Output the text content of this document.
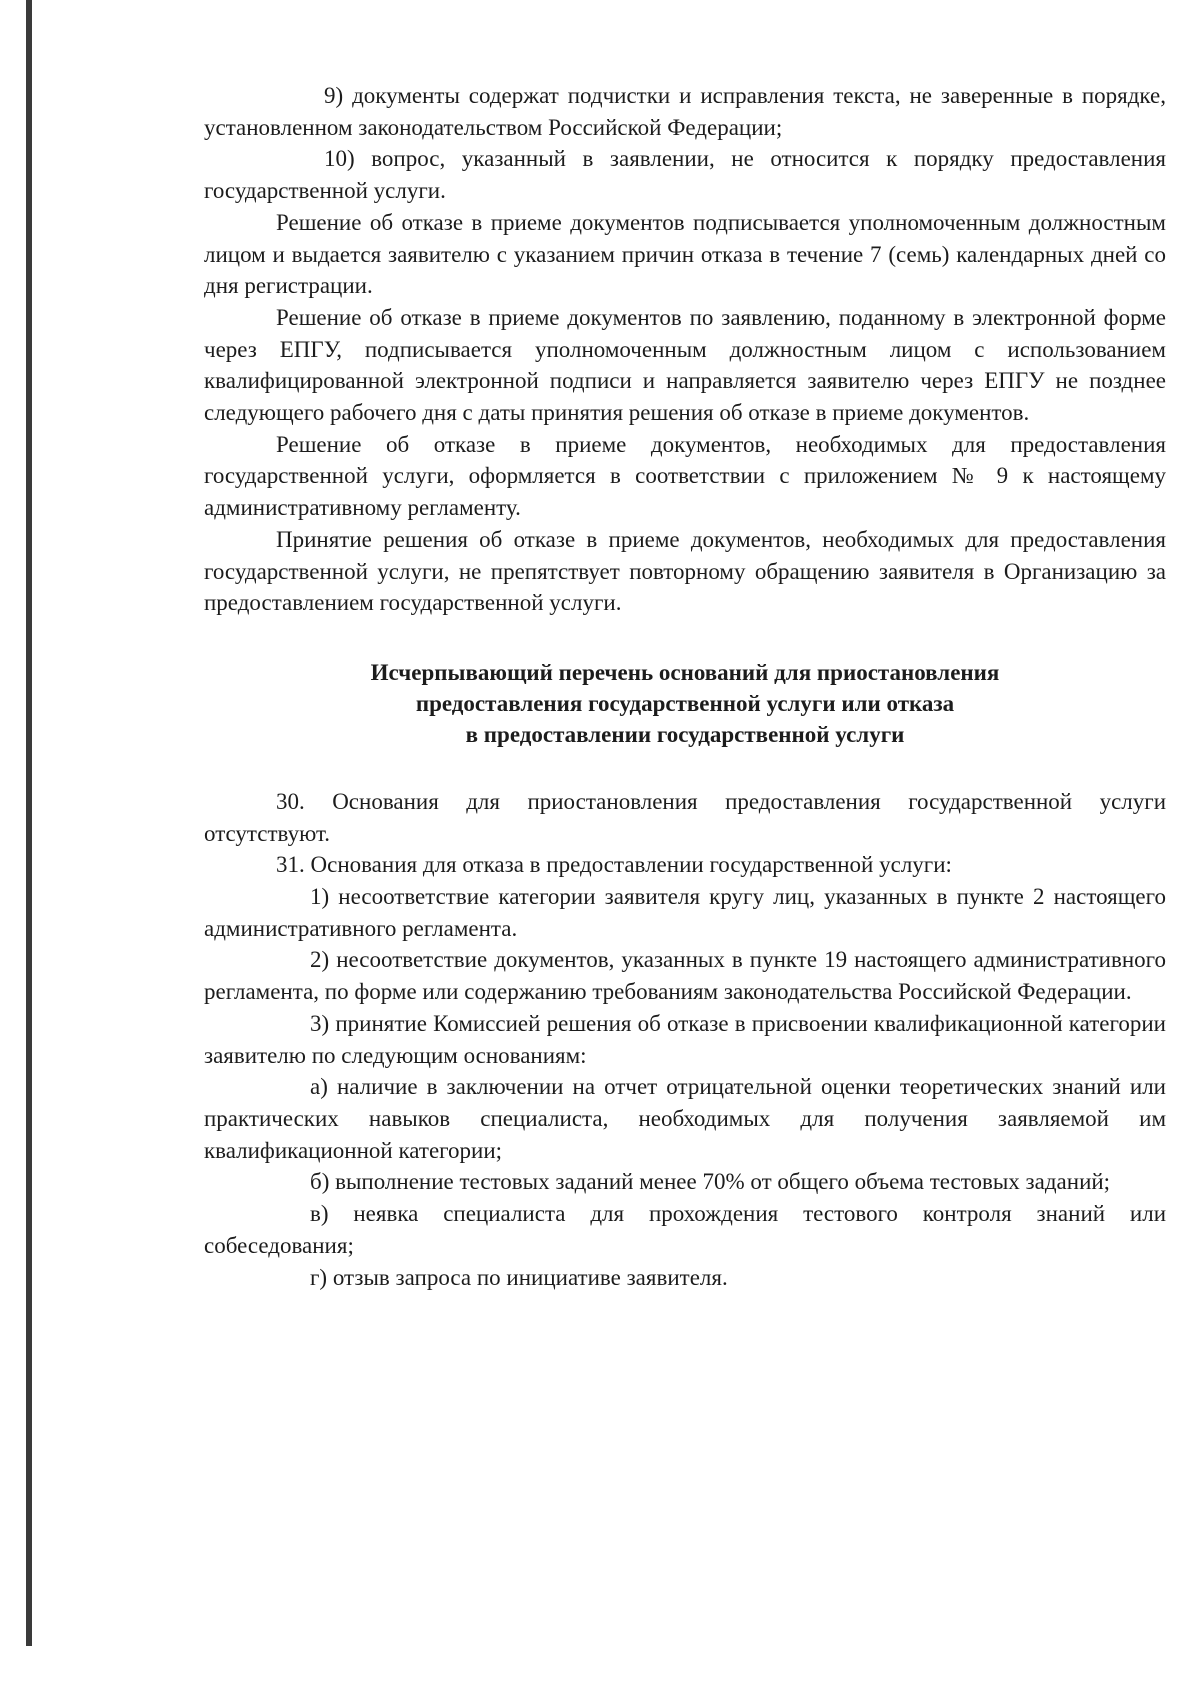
9) документы содержат подчистки и исправления текста, не заверенные в порядке, установленном законодательством Российской Федерации;

10) вопрос, указанный в заявлении, не относится к порядку предоставления государственной услуги.

Решение об отказе в приеме документов подписывается уполномоченным должностным лицом и выдается заявителю с указанием причин отказа в течение 7 (семь) календарных дней со дня регистрации.

Решение об отказе в приеме документов по заявлению, поданному в электронной форме через ЕПГУ, подписывается уполномоченным должностным лицом с использованием квалифицированной электронной подписи и направляется заявителю через ЕПГУ не позднее следующего рабочего дня с даты принятия решения об отказе в приеме документов.

Решение об отказе в приеме документов, необходимых для предоставления государственной услуги, оформляется в соответствии с приложением № 9 к настоящему административному регламенту.

Принятие решения об отказе в приеме документов, необходимых для предоставления государственной услуги, не препятствует повторному обращению заявителя в Организацию за предоставлением государственной услуги.

Исчерпывающий перечень оснований для приостановления
предоставления государственной услуги или отказа
в предоставлении государственной услуги

30. Основания для приостановления предоставления государственной услуги отсутствуют.

31. Основания для отказа в предоставлении государственной услуги:

1) несоответствие категории заявителя кругу лиц, указанных в пункте 2 настоящего административного регламента.

2) несоответствие документов, указанных в пункте 19 настоящего административного регламента, по форме или содержанию требованиям законодательства Российской Федерации.

3) принятие Комиссией решения об отказе в присвоении квалификационной категории заявителю по следующим основаниям:

а) наличие в заключении на отчет отрицательной оценки теоретических знаний или практических навыков специалиста, необходимых для получения заявляемой им квалификационной категории;

б) выполнение тестовых заданий менее 70% от общего объема тестовых заданий;

в) неявка специалиста для прохождения тестового контроля знаний или собеседования;

г) отзыв запроса по инициативе заявителя.
